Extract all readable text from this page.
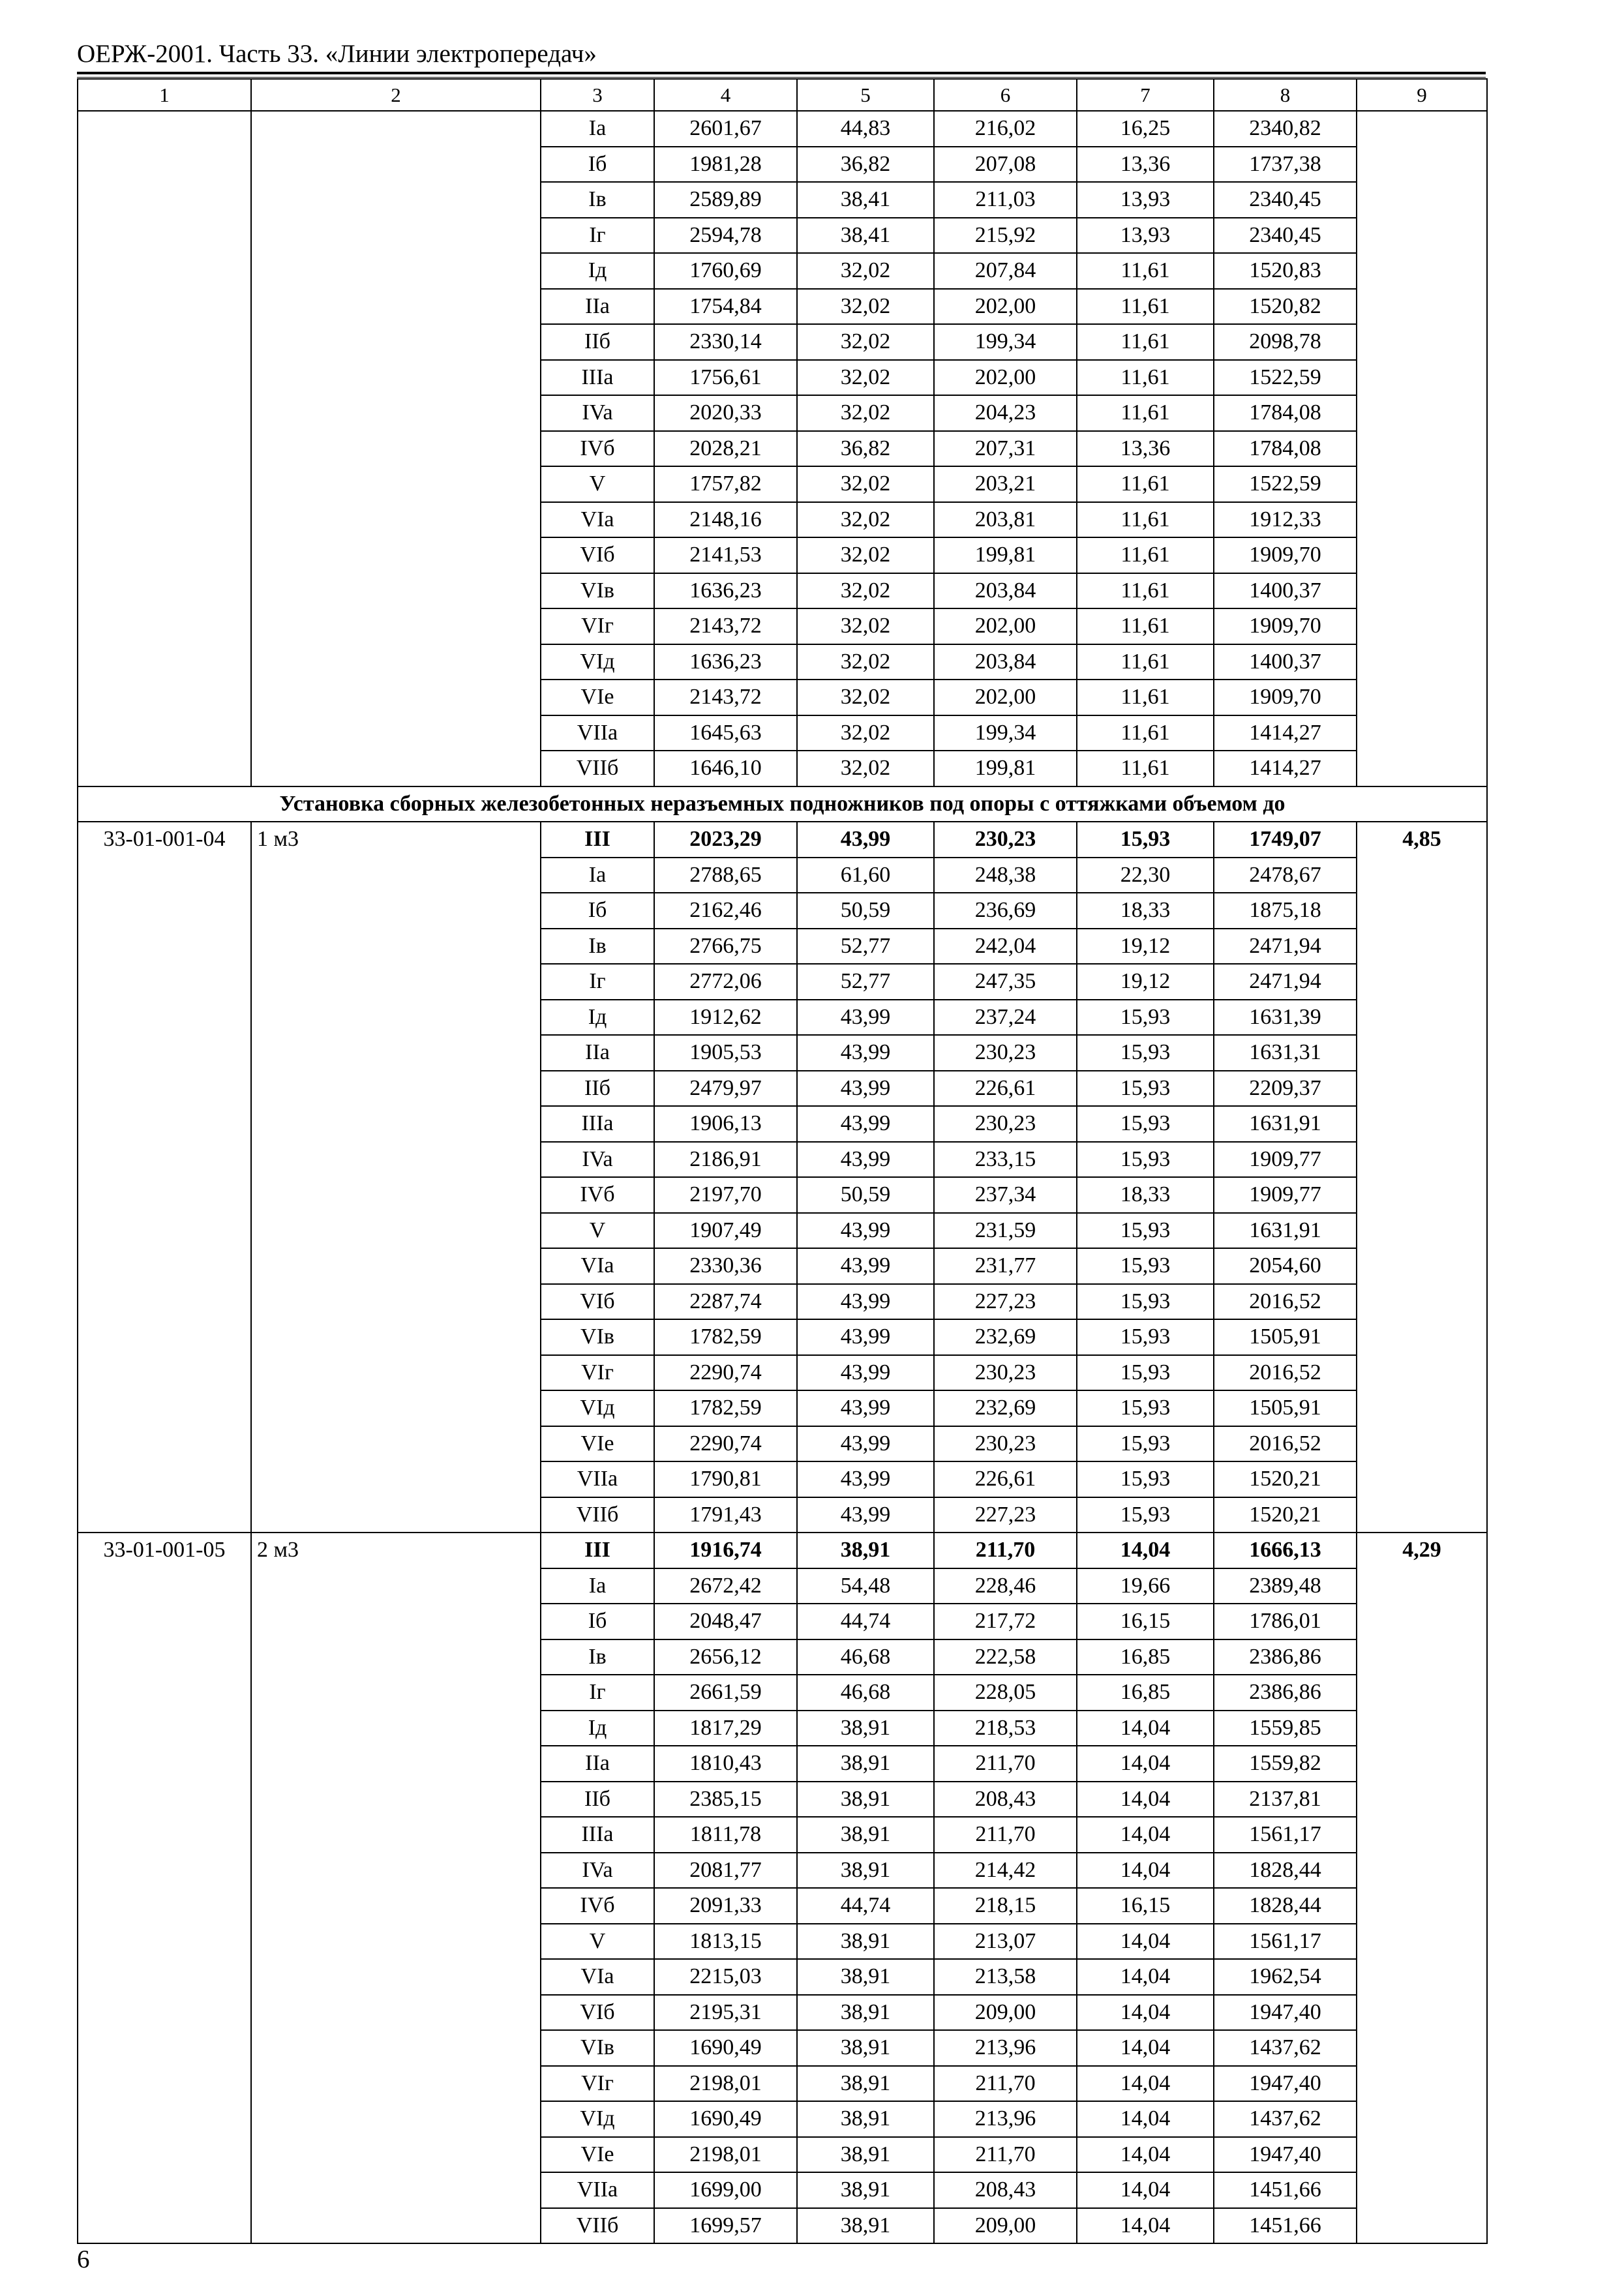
ОЕРЖ-2001. Часть 33. «Линии электропередач»
1	2	3	4	5	6	7	8	9
		Ia	2601,67	44,83	216,02	16,25	2340,82	
		Iб	1981,28	36,82	207,08	13,36	1737,38	
		Iв	2589,89	38,41	211,03	13,93	2340,45	
		Iг	2594,78	38,41	215,92	13,93	2340,45	
		Iд	1760,69	32,02	207,84	11,61	1520,83	
		IIa	1754,84	32,02	202,00	11,61	1520,82	
		IIб	2330,14	32,02	199,34	11,61	2098,78	
		IIIa	1756,61	32,02	202,00	11,61	1522,59	
		IVa	2020,33	32,02	204,23	11,61	1784,08	
		IVб	2028,21	36,82	207,31	13,36	1784,08	
		V	1757,82	32,02	203,21	11,61	1522,59	
		VIa	2148,16	32,02	203,81	11,61	1912,33	
		VIб	2141,53	32,02	199,81	11,61	1909,70	
		VIв	1636,23	32,02	203,84	11,61	1400,37	
		VIг	2143,72	32,02	202,00	11,61	1909,70	
		VIд	1636,23	32,02	203,84	11,61	1400,37	
		VIe	2143,72	32,02	202,00	11,61	1909,70	
		VIIa	1645,63	32,02	199,34	11,61	1414,27	
		VIIб	1646,10	32,02	199,81	11,61	1414,27	
Установка сборных железобетонных неразъемных подножников под опоры с оттяжками объемом до								
33-01-001-04	1 м3	III	2023,29	43,99	230,23	15,93	1749,07	4,85
		Ia	2788,65	61,60	248,38	22,30	2478,67	
		Iб	2162,46	50,59	236,69	18,33	1875,18	
		Iв	2766,75	52,77	242,04	19,12	2471,94	
		Iг	2772,06	52,77	247,35	19,12	2471,94	
		Iд	1912,62	43,99	237,24	15,93	1631,39	
		IIa	1905,53	43,99	230,23	15,93	1631,31	
		IIб	2479,97	43,99	226,61	15,93	2209,37	
		IIIa	1906,13	43,99	230,23	15,93	1631,91	
		IVa	2186,91	43,99	233,15	15,93	1909,77	
		IVб	2197,70	50,59	237,34	18,33	1909,77	
		V	1907,49	43,99	231,59	15,93	1631,91	
		VIa	2330,36	43,99	231,77	15,93	2054,60	
		VIб	2287,74	43,99	227,23	15,93	2016,52	
		VIв	1782,59	43,99	232,69	15,93	1505,91	
		VIг	2290,74	43,99	230,23	15,93	2016,52	
		VIд	1782,59	43,99	232,69	15,93	1505,91	
		VIe	2290,74	43,99	230,23	15,93	2016,52	
		VIIa	1790,81	43,99	226,61	15,93	1520,21	
		VIIб	1791,43	43,99	227,23	15,93	1520,21	
33-01-001-05	2 м3	III	1916,74	38,91	211,70	14,04	1666,13	4,29
		Ia	2672,42	54,48	228,46	19,66	2389,48	
		Iб	2048,47	44,74	217,72	16,15	1786,01	
		Iв	2656,12	46,68	222,58	16,85	2386,86	
		Iг	2661,59	46,68	228,05	16,85	2386,86	
		Iд	1817,29	38,91	218,53	14,04	1559,85	
		IIa	1810,43	38,91	211,70	14,04	1559,82	
		IIб	2385,15	38,91	208,43	14,04	2137,81	
		IIIa	1811,78	38,91	211,70	14,04	1561,17	
		IVa	2081,77	38,91	214,42	14,04	1828,44	
		IVб	2091,33	44,74	218,15	16,15	1828,44	
		V	1813,15	38,91	213,07	14,04	1561,17	
		VIa	2215,03	38,91	213,58	14,04	1962,54	
		VIб	2195,31	38,91	209,00	14,04	1947,40	
		VIв	1690,49	38,91	213,96	14,04	1437,62	
		VIг	2198,01	38,91	211,70	14,04	1947,40	
		VIд	1690,49	38,91	213,96	14,04	1437,62	
		VIe	2198,01	38,91	211,70	14,04	1947,40	
		VIIa	1699,00	38,91	208,43	14,04	1451,66	
		VIIб	1699,57	38,91	209,00	14,04	1451,66	
6
